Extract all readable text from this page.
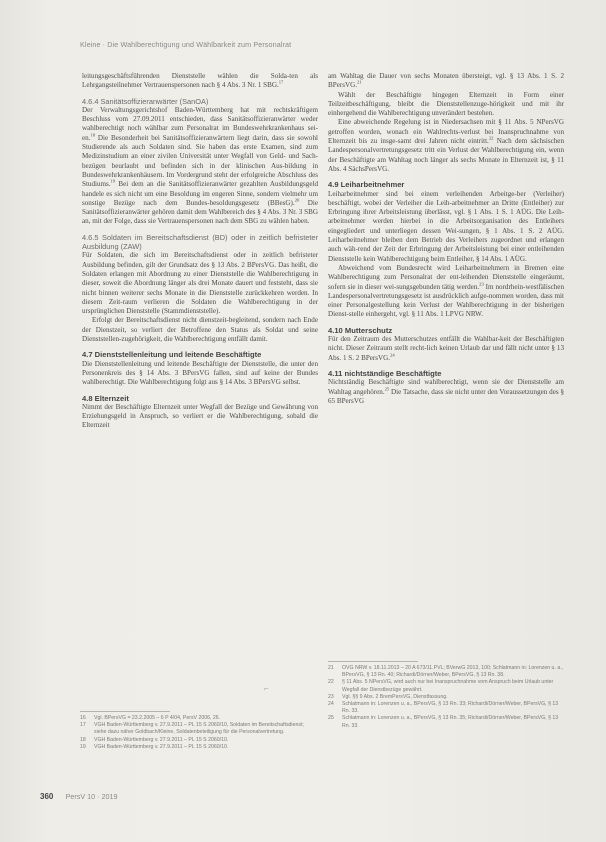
Kleine · Die Wahlberechtigung und Wählbarkeit zum Personalrat

leitungsgeschäftsführenden Dienststelle wählen die Solda-ten als Lehrgangsteilnehmer Vertrauenspersonen nach § 4 Abs. 3 Nr. 1 SBG.$^{17}$

4.6.4 Sanitätsoffizieranwärter (SanOA)

Der Verwaltungsgerichtshof Baden-Württemberg hat mit rechtskräftigem Beschluss vom 27.09.2011 entschieden, dass Sanitätsoffizieranwärter weder wahlberechtigt noch wählbar zum Personalrat im Bundeswehrkrankenhaus sei-en.$^{18}$ Die Besonderheit bei Sanitätsoffizieranwärtern liegt darin, dass sie sowohl Studierende als auch Soldaten sind. Sie haben das erste Examen, sind zum Medizinstudium an einer zivilen Universität unter Wegfall von Geld- und Sach-bezügen beurlaubt und befinden sich in der klinischen Aus-bildung in Bundeswehrkrankenhäusern. Im Vordergrund steht der erfolgreiche Abschluss des Studiums.$^{19}$ Bei dem an die Sanitätsoffizieranwärter gezahlten Ausbildungsgeld handele es sich nicht um eine Besoldung im engeren Sinne, sondern vielmehr um sonstige Bezüge nach dem Bundes-besoldungsgesetz (BBesG).$^{20}$ Die Sanitätsoffizieranwärter gehören damit dem Wahlbereich des § 4 Abs. 3 Nr. 3 SBG an, mit der Folge, dass sie Vertrauenspersonen nach dem SBG zu wählen haben.

4.6.5 Soldaten im Bereitschaftsdienst (BD) oder in zeitlich befristeter Ausbildung (ZAW)

Für Soldaten, die sich im Bereitschaftsdienst oder in zeitlich befristeter Ausbildung befinden, gilt der Grundsatz des § 13 Abs. 2 BPersVG. Das heißt, die Soldaten erlangen mit Abordnung zu einer Dienststelle die Wahlberechtigung in dieser, soweit die Abordnung länger als drei Monate dauert und feststeht, dass sie nicht binnen weiterer sechs Monate in die Dienststelle zurückkehren werden. In diesem Zeit-raum verlieren die Soldaten die Wahlberechtigung in der ursprünglichen Dienststelle (Stammdienststelle).

Erfolgt der Bereitschaftsdienst nicht dienstzeit-begleitend, sondern nach Ende der Dienstzeit, so verliert der Betroffene den Status als Soldat und seine Dienststellen-zugehörigkeit, die Wahlberechtigung entfällt damit.

4.7 Dienststellenleitung und leitende Beschäftigte

Die Dienststellenleitung und leitende Beschäftigte der Dienststelle, die unter den Personenkreis des § 14 Abs. 3 BPersVG fallen, sind auf keine der Bundes wahlberechtigt. Die Wahlberechtigung folgt aus § 14 Abs. 3 BPersVG selbst.

4.8 Elternzeit

Nimmt der Beschäftigte Elternzeit unter Wegfall der Bezüge und Gewährung von Erziehungsgeld in Anspruch, so verliert er die Wahlberechtigung, sobald die Elternzeit

am Wahltag die Dauer von sechs Monaten übersteigt, vgl. § 13 Abs. 1 S. 2 BPersVG.$^{21}$

Wählt der Beschäftigte hingegen Elternzeit in Form einer Teilzeitbeschäftigung, bleibt die Dienststellenzuge-hörigkeit und mit ihr einhergehend die Wahlberechtigung unverändert bestehen.

Eine abweichende Regelung ist in Niedersachsen mit § 11 Abs. 5 NPersVG getroffen worden, wonach ein Wahlrechts-verlust bei Inanspruchnahme von Elternzeit bis zu insge-samt drei Jahren nicht eintritt.$^{22}$ Nach dem sächsischen Landespersonalvertretungsgesetz tritt ein Verlust der Wahlberechtigung ein, wenn der Beschäftigte am Wahltag noch länger als sechs Monate in Elternzeit ist, § 11 Abs. 4 SächsPersVG.

4.9 Leiharbeitnehmer

Leiharbeitnehmer sind bei einem verleihenden Arbeitge-ber (Verleiher) beschäftigt, wobei der Verleiher die Leih-arbeitnehmer an Dritte (Entleiher) zur Erbringung ihrer Arbeitsleistung überlässt, vgl. § 1 Abs. 1 S. 1 AÜG. Die Leih-arbeitnehmer werden hierbei in die Arbeitsorganisation des Entleihers eingegliedert und unterliegen dessen Wei-sungen, § 1 Abs. 1 S. 2 AÜG. Leiharbeitnehmer bleiben dem Betrieb des Verleihers zugeordnet und erlangen auch wäh-rend der Zeit der Erbringung der Arbeitsleistung bei einer entleihenden Dienststelle kein Wahlberechtigung beim Entleiher, § 14 Abs. 1 AÜG.

Abweichend vom Bundesrecht wird Leiharbeitnehmern in Bremen eine Wahlberechtigung zum Personalrat der ent-leihenden Dienststelle eingeräumt, sofern sie in dieser wei-sungsgebunden tätig werden.$^{23}$ Im nordrhein-westfälischen Landespersonalvertretungsgesetz ist ausdrücklich aufge-nommen worden, dass mit einer Personalgestellung kein Verlust der Wahlberechtigung in der bisherigen Dienst-stelle einhergeht, vgl. § 11 Abs. 1 LPVG NRW.

4.10 Mutterschutz

Für den Zeitraum des Mutterschutzes entfällt die Wahlbar-keit der Beschäftigten nicht. Dieser Zeitraum stellt recht-lich keinen Urlaub dar und fällt nicht unter § 13 Abs. 1 S. 2 BPersVG.$^{24}$

4.11 nichtständige Beschäftigte

Nichtständig Beschäftigte sind wahlberechtigt, wenn sie der Dienststelle am Wahltag angehören.$^{25}$ Die Tatsache, dass sie nicht unter den Voraussetzungen des § 65 BPersVG

⌐
16	Vgl. BPersVG = 23.2.2005 – 6 P 4/04, PersV 2006, 26.
17	VGH Baden-Württemberg v. 27.9.2011 – PL 15 S 2060/10, Soldaten im Bereitschaftsdienst; siehe dazu näher Goldbach/Kleine, Soldatenbeteiligung für die Personalvertretung.
18	VGH Baden-Württemberg v. 27.9.2011 – PL 15 S 2060/10.
19	VGH Baden-Württemberg v. 27.9.2011 – PL 15 S 2060/10.
21	OVG NRW v. 18.11.2013 – 20 A 673/11.PVL; BVerwG 2013, 100; Schlatmann in: Lorenzen u. a., BPersVG, § 13 Rn. 40; Richardi/Dörner/Weber, BPersVG, § 13 Rn. 38.
22	§ 11 Abs. 5 NPersVG, wird auch nur bei Inanspruchnahme vom Anspruch beim Urlaub unter Wegfall der Dienstbezüge gewährt.
23	Vgl. §§ 9 Abs. 2 BremPersVG, Dienstfassung.
24	Schlatmann in: Lorenzen u. a., BPersVG, § 13 Rn. 33; Richardi/Dörner/Weber, BPersVG, § 13 Rn. 33.
25	Schlatmann in: Lorenzen u. a., BPersVG, § 13 Rn. 35; Richardi/Dörner/Weber, BPersVG, § 13 Rn. 33.
360 PersV 10 · 2019
